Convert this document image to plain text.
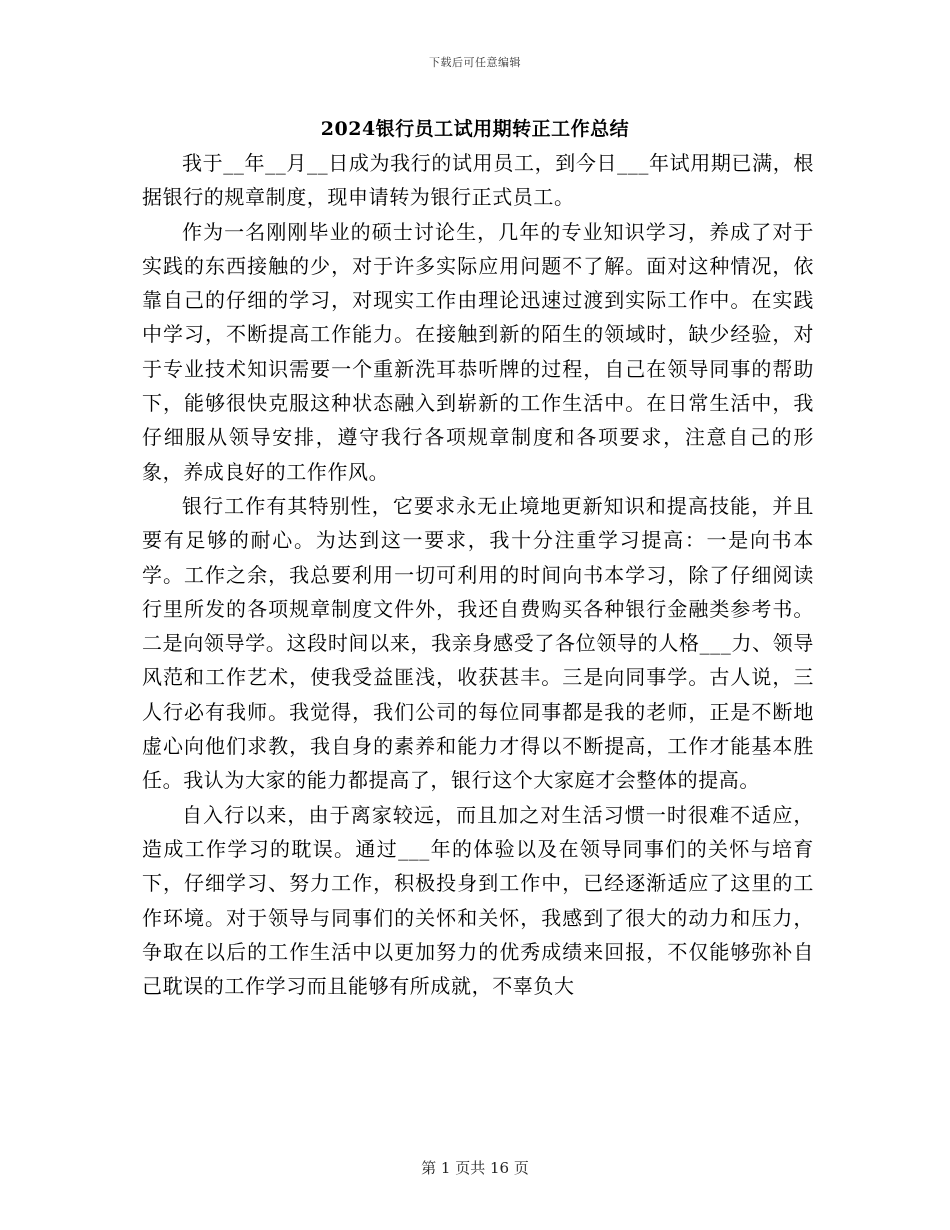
下载后可任意编辑
2024银行员工试用期转正工作总结

我于__年__月__日成为我行的试用员工，到今日___年试用期已满，根据银行的规章制度，现申请转为银行正式员工。

作为一名刚刚毕业的硕士讨论生，几年的专业知识学习，养成了对于实践的东西接触的少，对于许多实际应用问题不了解。面对这种情况，依靠自己的仔细的学习，对现实工作由理论迅速过渡到实际工作中。在实践中学习，不断提高工作能力。在接触到新的陌生的领域时，缺少经验，对于专业技术知识需要一个重新洗耳恭听牌的过程，自己在领导同事的帮助下，能够很快克服这种状态融入到崭新的工作生活中。在日常生活中，我仔细服从领导安排，遵守我行各项规章制度和各项要求，注意自己的形象，养成良好的工作作风。

银行工作有其特别性，它要求永无止境地更新知识和提高技能，并且要有足够的耐心。为达到这一要求，我十分注重学习提高：一是向书本学。工作之余，我总要利用一切可利用的时间向书本学习，除了仔细阅读行里所发的各项规章制度文件外，我还自费购买各种银行金融类参考书。二是向领导学。这段时间以来，我亲身感受了各位领导的人格___力、领导风范和工作艺术，使我受益匪浅，收获甚丰。三是向同事学。古人说，三人行必有我师。我觉得，我们公司的每位同事都是我的老师，正是不断地虚心向他们求教，我自身的素养和能力才得以不断提高，工作才能基本胜任。我认为大家的能力都提高了，银行这个大家庭才会整体的提高。

自入行以来，由于离家较远，而且加之对生活习惯一时很难不适应，造成工作学习的耽误。通过___年的体验以及在领导同事们的关怀与培育下，仔细学习、努力工作，积极投身到工作中，已经逐渐适应了这里的工作环境。对于领导与同事们的关怀和关怀，我感到了很大的动力和压力，争取在以后的工作生活中以更加努力的优秀成绩来回报，不仅能够弥补自己耽误的工作学习而且能够有所成就，不辜负大

第 1 页共 16 页
